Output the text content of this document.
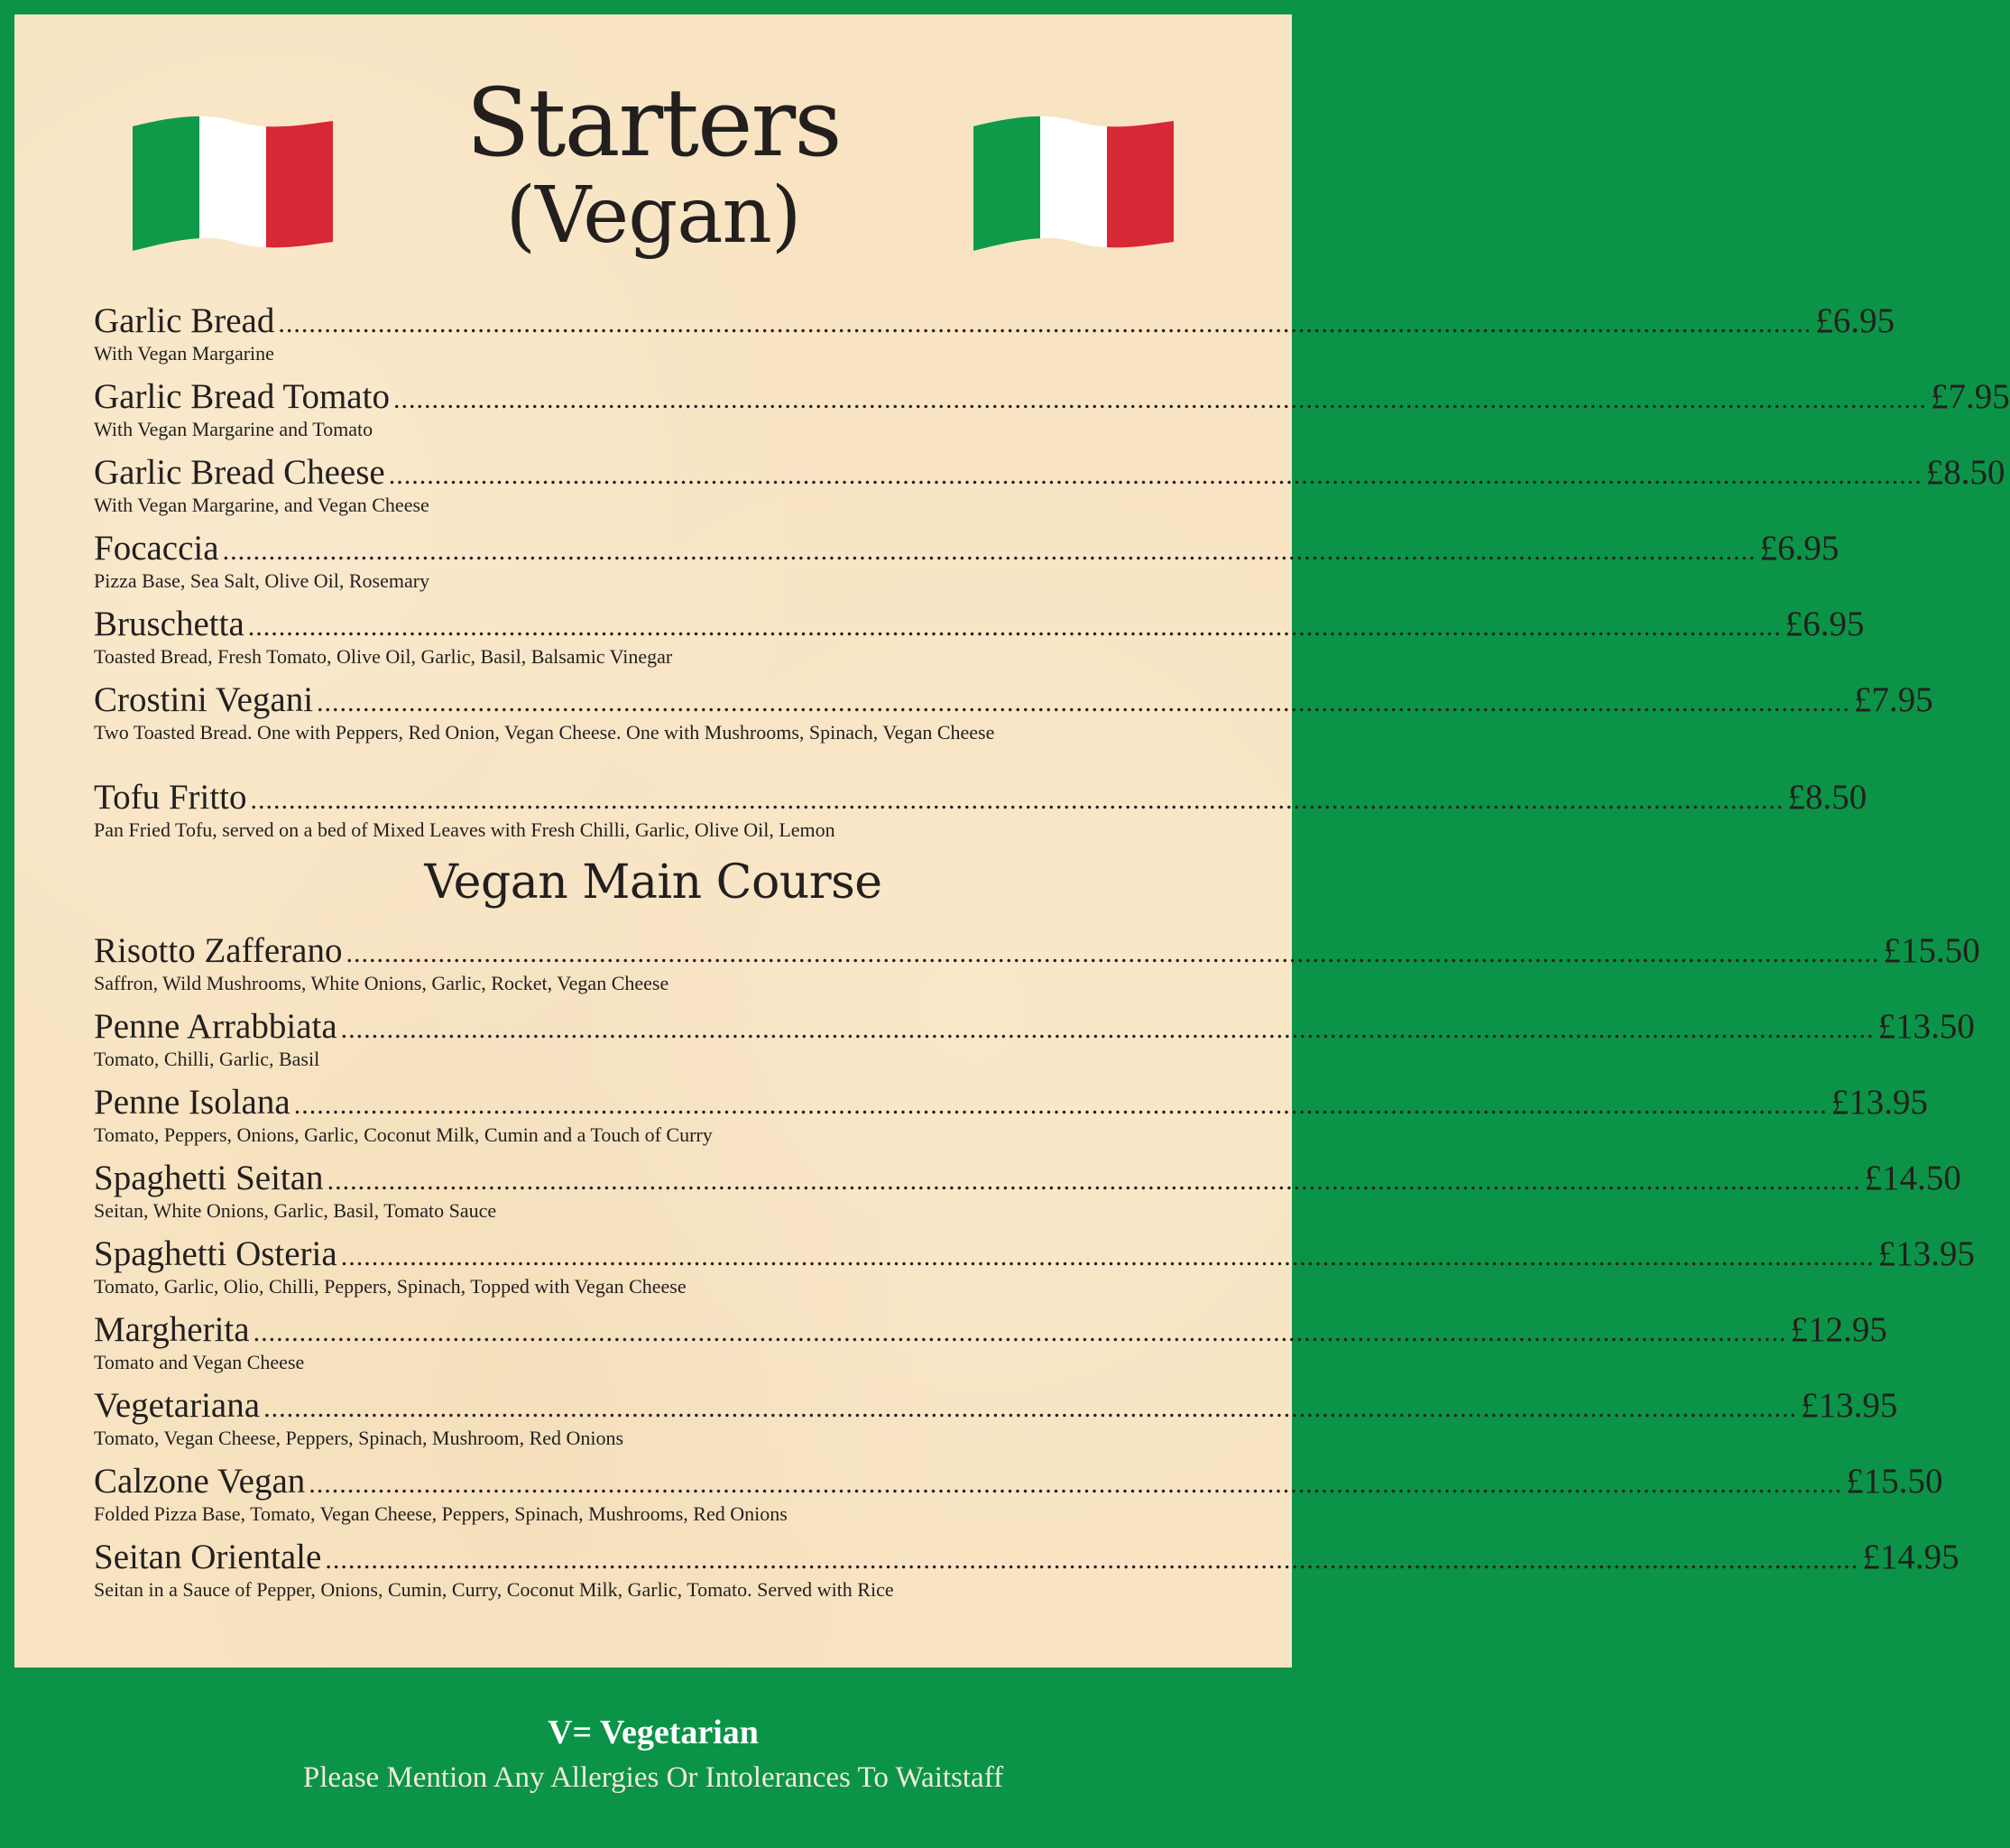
Starters
(Vegan)
Garlic Bread ........................................................................................................................................................................................................ £6.95
With Vegan Margarine
Garlic Bread Tomato ........................................................................................................................................................................................................ £7.95
With Vegan Margarine and Tomato
Garlic Bread Cheese ........................................................................................................................................................................................................ £8.50
With Vegan Margarine, and Vegan Cheese
Focaccia ........................................................................................................................................................................................................ £6.95
Pizza Base, Sea Salt, Olive Oil, Rosemary
Bruschetta ........................................................................................................................................................................................................ £6.95
Toasted Bread, Fresh Tomato, Olive Oil, Garlic, Basil, Balsamic Vinegar
Crostini Vegani ........................................................................................................................................................................................................ £7.95
Two Toasted Bread. One with Peppers, Red Onion, Vegan Cheese. One with Mushrooms, Spinach, Vegan Cheese
Tofu Fritto ........................................................................................................................................................................................................ £8.50
Pan Fried Tofu, served on a bed of Mixed Leaves with Fresh Chilli, Garlic, Olive Oil, Lemon
Vegan Main Course
Risotto Zafferano ........................................................................................................................................................................................................ £15.50
Saffron, Wild Mushrooms, White Onions, Garlic, Rocket, Vegan Cheese
Penne Arrabbiata ........................................................................................................................................................................................................ £13.50
Tomato, Chilli, Garlic, Basil
Penne Isolana ........................................................................................................................................................................................................ £13.95
Tomato, Peppers, Onions, Garlic, Coconut Milk, Cumin and a Touch of Curry
Spaghetti Seitan ........................................................................................................................................................................................................ £14.50
Seitan, White Onions, Garlic, Basil, Tomato Sauce
Spaghetti Osteria ........................................................................................................................................................................................................ £13.95
Tomato, Garlic, Olio, Chilli, Peppers, Spinach, Topped with Vegan Cheese
Margherita ........................................................................................................................................................................................................ £12.95
Tomato and Vegan Cheese
Vegetariana ........................................................................................................................................................................................................ £13.95
Tomato, Vegan Cheese, Peppers, Spinach, Mushroom, Red Onions
Calzone Vegan ........................................................................................................................................................................................................ £15.50
Folded Pizza Base, Tomato, Vegan Cheese, Peppers, Spinach, Mushrooms, Red Onions
Seitan Orientale ........................................................................................................................................................................................................ £14.95
Seitan in a Sauce of Pepper, Onions, Cumin, Curry, Coconut Milk, Garlic, Tomato. Served with Rice
V= Vegetarian
Please Mention Any Allergies Or Intolerances To Waitstaff
